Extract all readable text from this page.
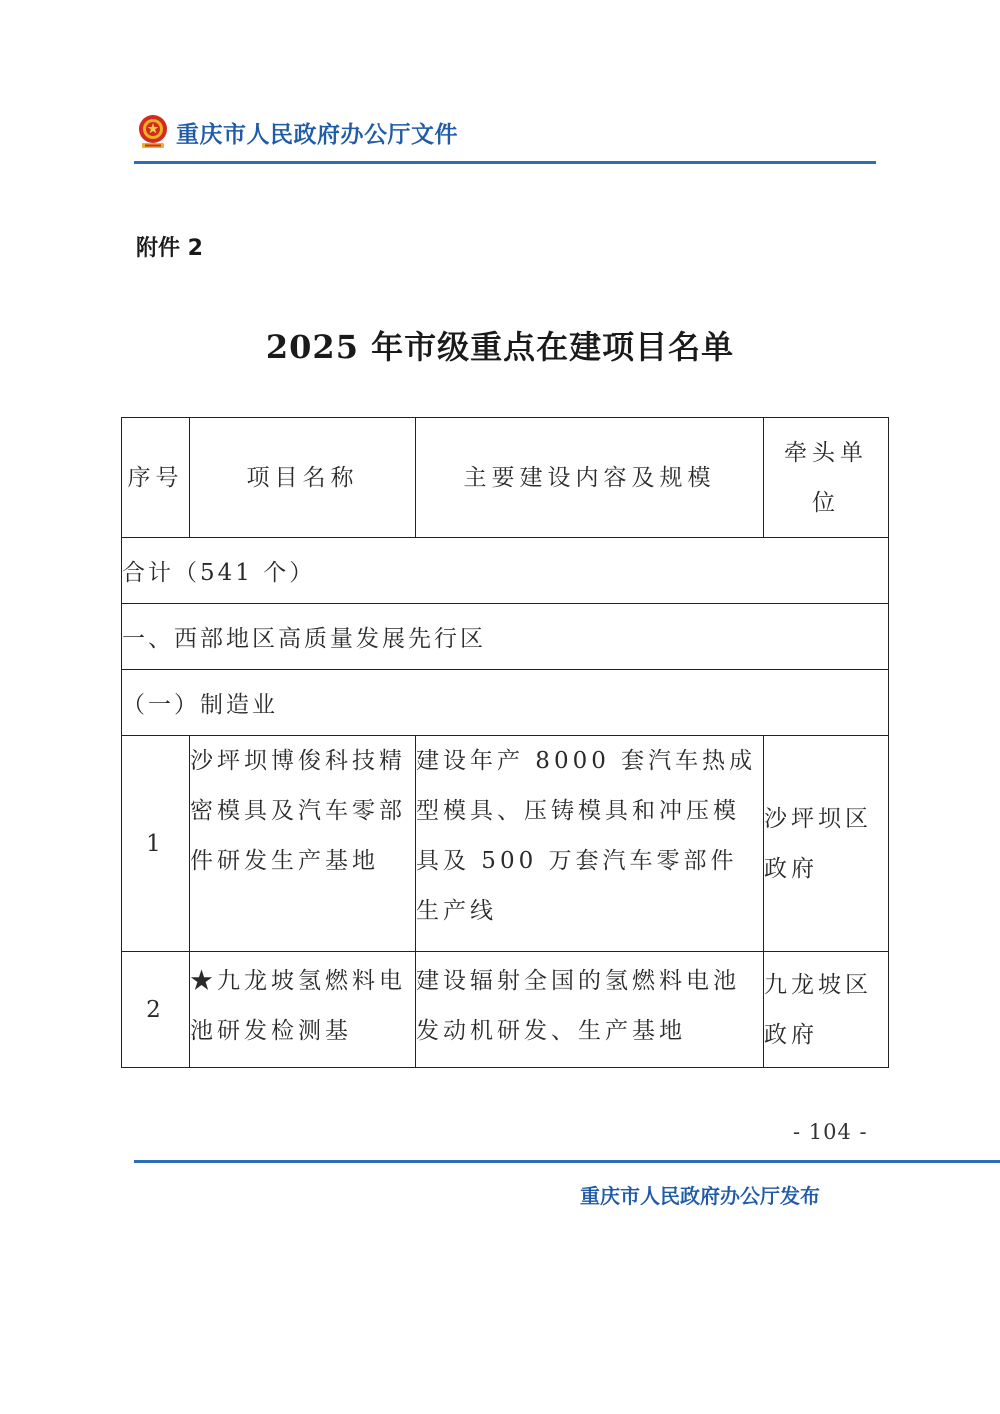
重庆市人民政府办公厅文件
附件 2
2025 年市级重点在建项目名单
序号	项目名称	主要建设内容及规模	牵头单位
合计（541 个）			
一、西部地区高质量发展先行区			
（一）制造业			
1	沙坪坝博俊科技精密模具及汽车零部件研发生产基地	建设年产 8000 套汽车热成型模具、压铸模具和冲压模具及 500 万套汽车零部件生产线	沙坪坝区政府
2	★九龙坡氢燃料电池研发检测基	建设辐射全国的氢燃料电池发动机研发、生产基地	九龙坡区政府
- 104 -
重庆市人民政府办公厅发布
